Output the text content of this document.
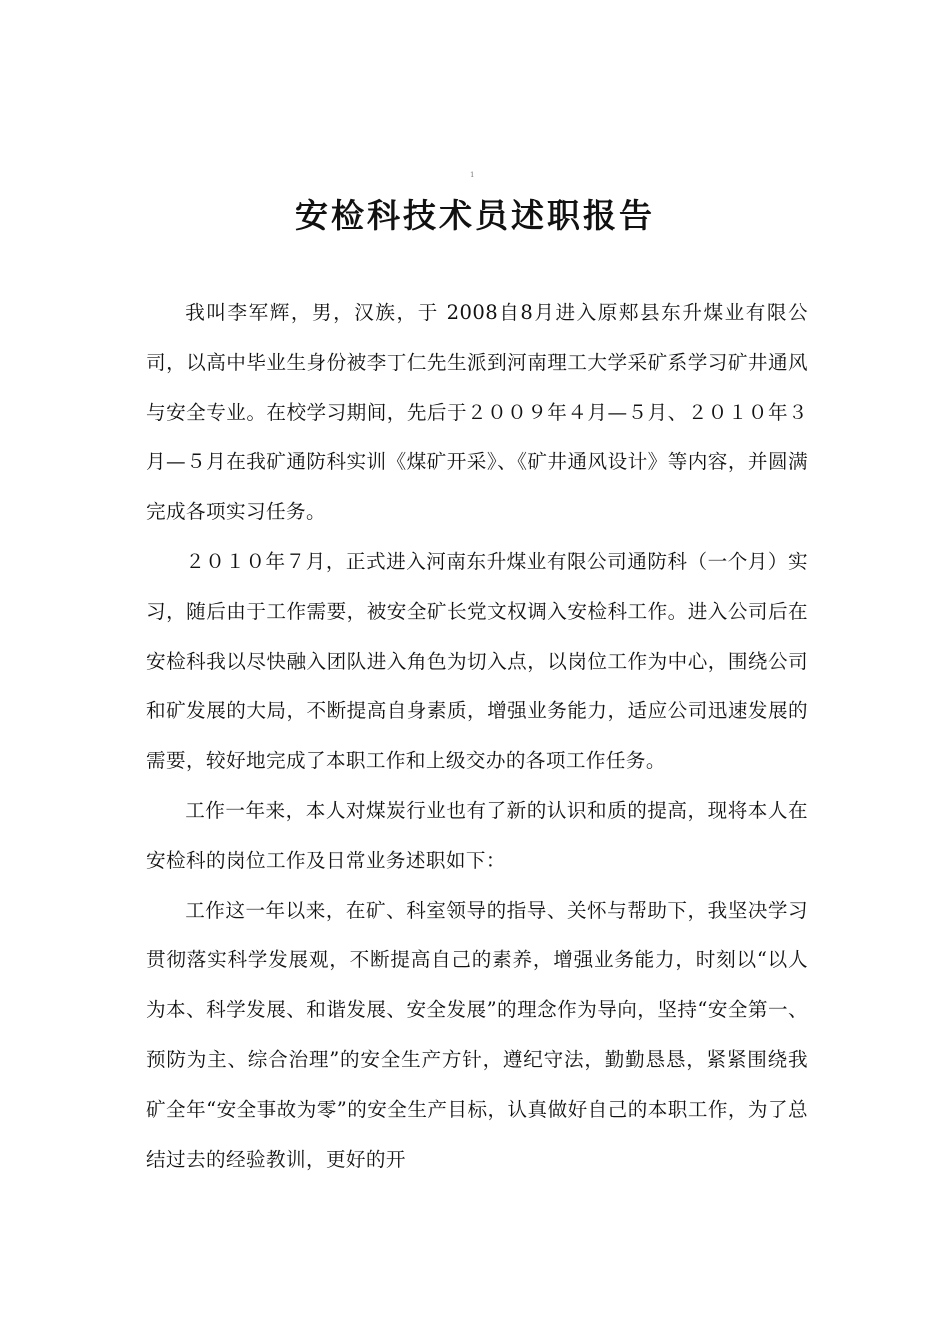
1
安检科技术员述职报告

我叫李军辉，男，汉族，于 2008自8月进入原郏县东升煤业有限公司，以高中毕业生身份被李丁仁先生派到河南理工大学采矿系学习矿井通风与安全专业。在校学习期间，先后于２００９年４月—５月、２０１０年３月—５月在我矿通防科实训《煤矿开采》、《矿井通风设计》等内容，并圆满完成各项实习任务。

２０１０年７月，正式进入河南东升煤业有限公司通防科（一个月）实习，随后由于工作需要，被安全矿长党文权调入安检科工作。进入公司后在安检科我以尽快融入团队进入角色为切入点，以岗位工作为中心，围绕公司和矿发展的大局，不断提高自身素质，增强业务能力，适应公司迅速发展的需要，较好地完成了本职工作和上级交办的各项工作任务。

工作一年来，本人对煤炭行业也有了新的认识和质的提高，现将本人在安检科的岗位工作及日常业务述职如下：

工作这一年以来，在矿、科室领导的指导、关怀与帮助下，我坚决学习贯彻落实科学发展观，不断提高自己的素养，增强业务能力，时刻以“以人为本、科学发展、和谐发展、安全发展”的理念作为导向，坚持“安全第一、预防为主、综合治理”的安全生产方针，遵纪守法，勤勤恳恳，紧紧围绕我矿全年“安全事故为零”的安全生产目标，认真做好自己的本职工作，为了总结过去的经验教训，更好的开
